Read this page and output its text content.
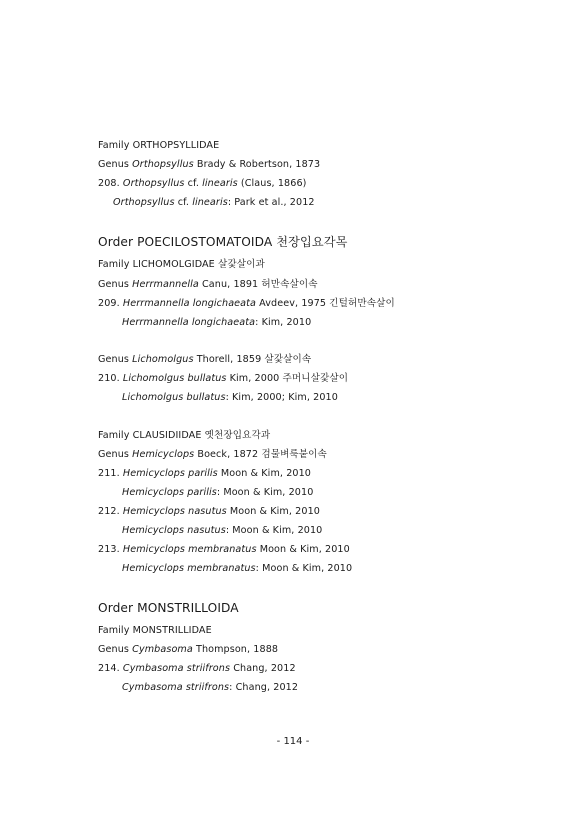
Family ORTHOPSYLLIDAE
Genus Orthopsyllus Brady & Robertson, 1873
208. Orthopsyllus cf. linearis (Claus, 1866)
Orthopsyllus cf. linearis: Park et al., 2012
Order POECILOSTOMATOIDA 천장입요각목
Family LICHOMOLGIDAE 살갗살이과
Genus Herrmannella Canu, 1891 허만속살이속
209. Herrmannella longichaeata Avdeev, 1975 긴털허만속살이
Herrmannella longichaeata: Kim, 2010
Genus Lichomolgus Thorell, 1859 살갗살이속
210. Lichomolgus bullatus Kim, 2000 주머니살갗살이
Lichomolgus bullatus: Kim, 2000; Kim, 2010
Family CLAUSIDIIDAE 옛천장입요각과
Genus Hemicyclops Boeck, 1872 검물벼룩붙이속
211. Hemicyclops parilis Moon & Kim, 2010
Hemicyclops parilis: Moon & Kim, 2010
212. Hemicyclops nasutus Moon & Kim, 2010
Hemicyclops nasutus: Moon & Kim, 2010
213. Hemicyclops membranatus Moon & Kim, 2010
Hemicyclops membranatus: Moon & Kim, 2010
Order MONSTRILLOIDA
Family MONSTRILLIDAE
Genus Cymbasoma Thompson, 1888
214. Cymbasoma striifrons Chang, 2012
Cymbasoma striifrons: Chang, 2012
- 114 -
